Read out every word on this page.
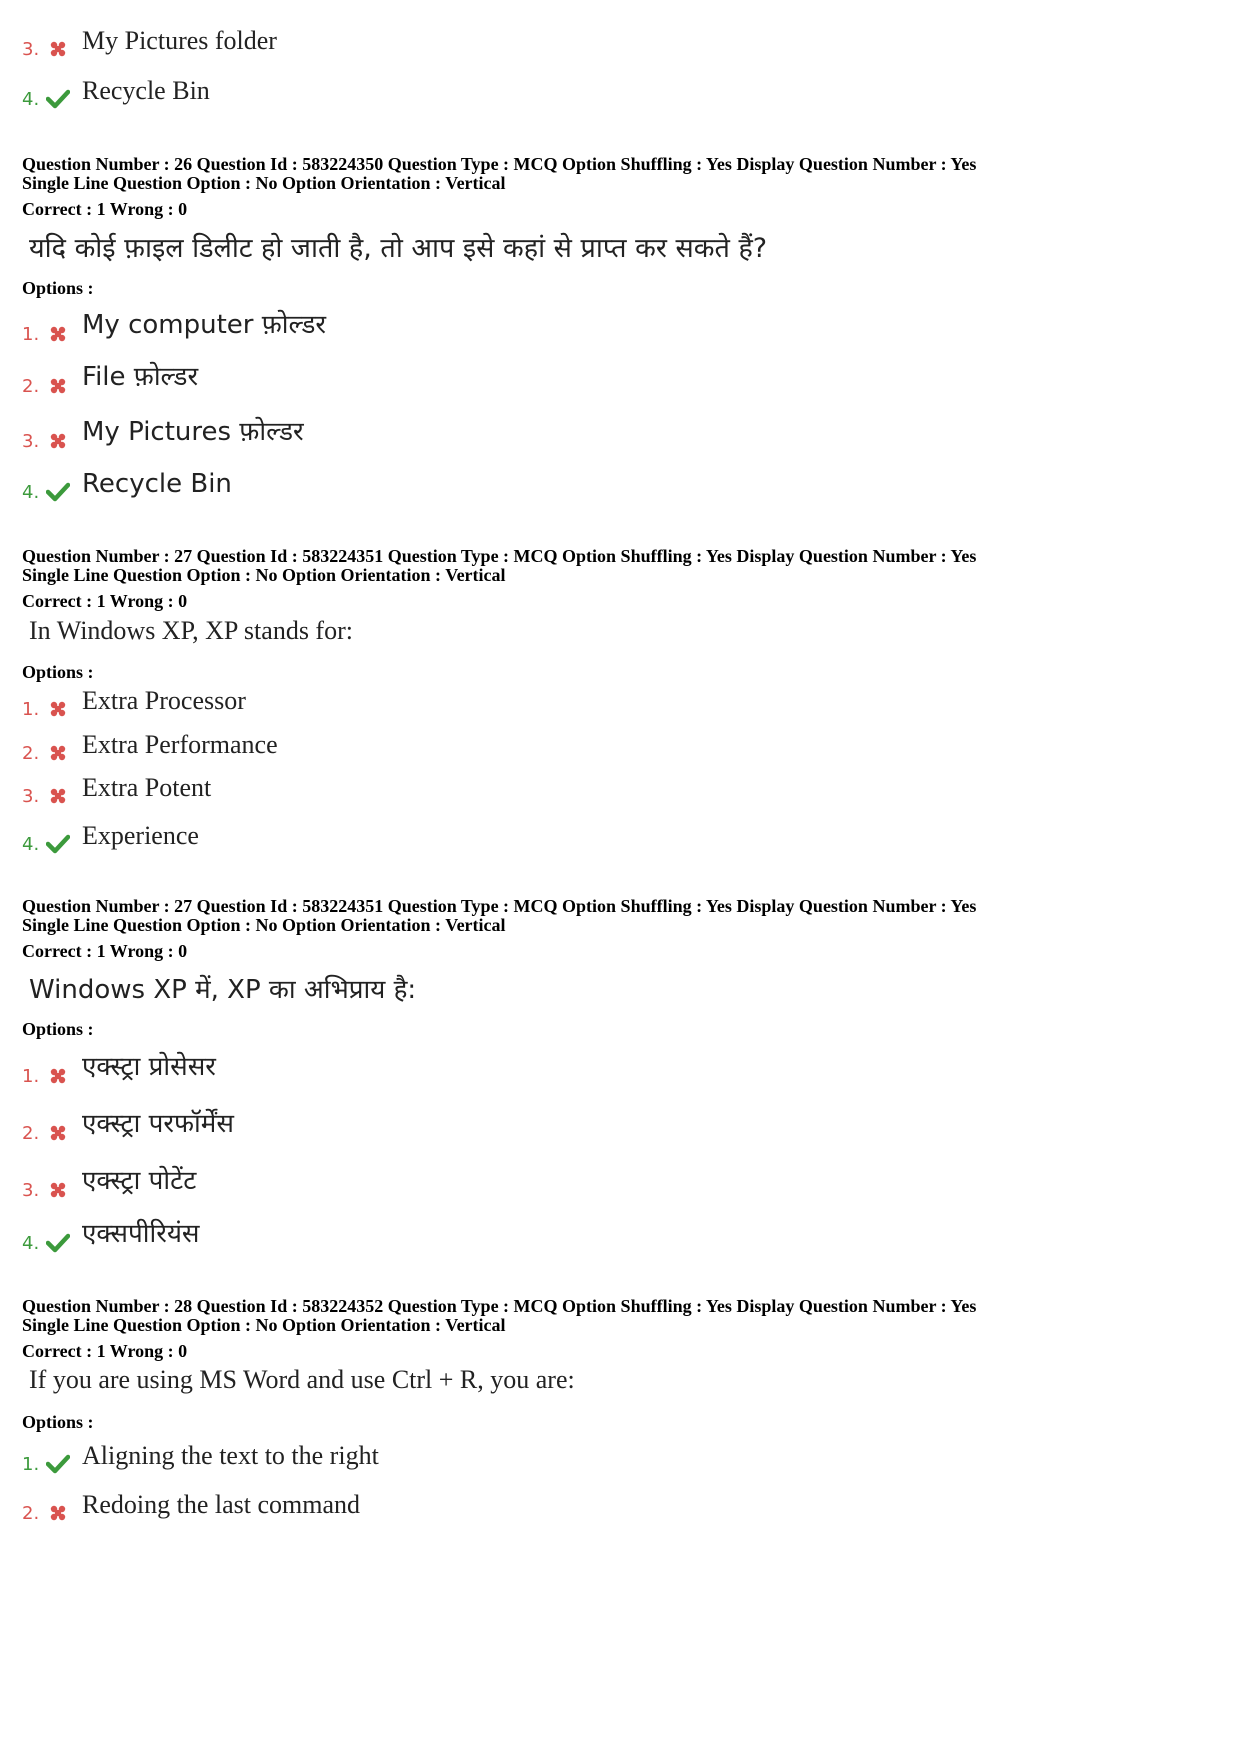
3. My Pictures folder
4. Recycle Bin
Question Number : 26 Question Id : 583224350 Question Type : MCQ Option Shuffling : Yes Display Question Number : Yes
Single Line Question Option : No Option Orientation : Vertical
Correct : 1 Wrong : 0
यदि कोई फ़ाइल डिलीट हो जाती है, तो आप इसे कहां से प्राप्त कर सकते हैं?
Options :
1. My computer फ़ोल्डर
2. File फ़ोल्डर
3. My Pictures फ़ोल्डर
4. Recycle Bin
Question Number : 27 Question Id : 583224351 Question Type : MCQ Option Shuffling : Yes Display Question Number : Yes
Single Line Question Option : No Option Orientation : Vertical
Correct : 1 Wrong : 0
In Windows XP, XP stands for:
Options :
1. Extra Processor
2. Extra Performance
3. Extra Potent
4. Experience
Question Number : 27 Question Id : 583224351 Question Type : MCQ Option Shuffling : Yes Display Question Number : Yes
Single Line Question Option : No Option Orientation : Vertical
Correct : 1 Wrong : 0
Windows XP में, XP का अभिप्राय है:
Options :
1. एक्स्ट्रा प्रोसेसर
2. एक्स्ट्रा परफॉर्मेंस
3. एक्स्ट्रा पोटेंट
4. एक्सपीरियंस
Question Number : 28 Question Id : 583224352 Question Type : MCQ Option Shuffling : Yes Display Question Number : Yes
Single Line Question Option : No Option Orientation : Vertical
Correct : 1 Wrong : 0
If you are using MS Word and use Ctrl + R, you are:
Options :
1. Aligning the text to the right
2. Redoing the last command
